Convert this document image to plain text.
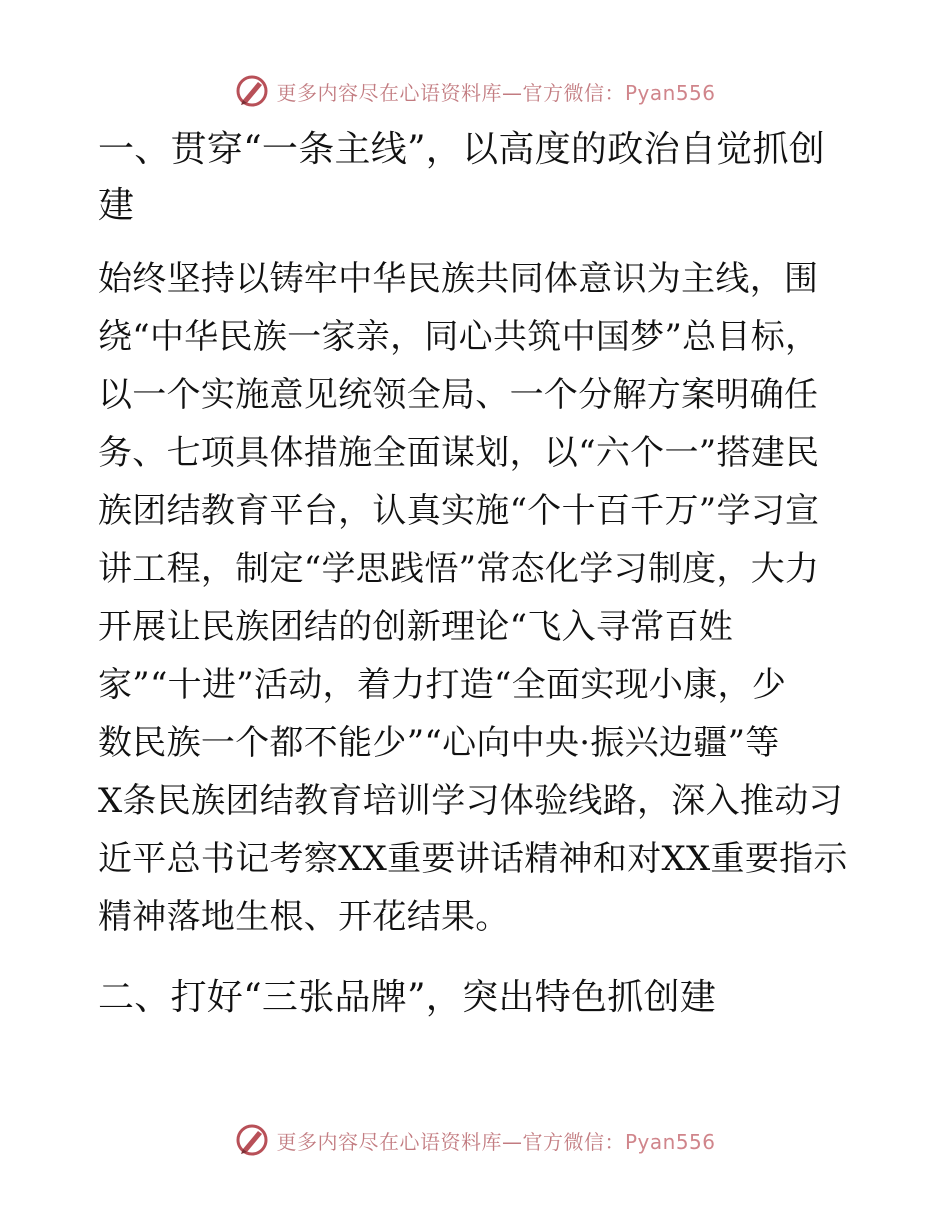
更多内容尽在心语资料库—官方微信：Pyan556
一、贯穿“一条主线”，以高度的政治自觉抓创
建
始终坚持以铸牢中华民族共同体意识为主线，围
绕“中华民族一家亲，同心共筑中国梦”总目标，
以一个实施意见统领全局、一个分解方案明确任
务、七项具体措施全面谋划，以“六个一”搭建民
族团结教育平台，认真实施“个十百千万”学习宣
讲工程，制定“学思践悟”常态化学习制度，大力
开展让民族团结的创新理论“飞入寻常百姓
家”“十进”活动，着力打造“全面实现小康，少
数民族一个都不能少”“心向中央·振兴边疆”等
X条民族团结教育培训学习体验线路，深入推动习
近平总书记考察XX重要讲话精神和对XX重要指示
精神落地生根、开花结果。
二、打好“三张品牌”，突出特色抓创建
更多内容尽在心语资料库—官方微信：Pyan556
